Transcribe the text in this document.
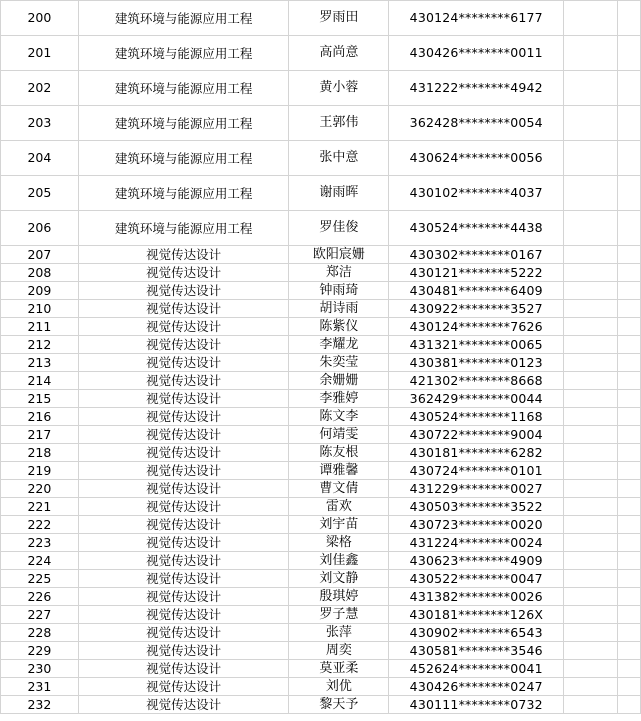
200	建筑环境与能源应用工程	罗雨田	430124********6177		
201	建筑环境与能源应用工程	高尚意	430426********0011		
202	建筑环境与能源应用工程	黄小蓉	431222********4942		
203	建筑环境与能源应用工程	王郭伟	362428********0054		
204	建筑环境与能源应用工程	张中意	430624********0056		
205	建筑环境与能源应用工程	谢雨晖	430102********4037		
206	建筑环境与能源应用工程	罗佳俊	430524********4438		
207	视觉传达设计	欧阳宸姗	430302********0167		
208	视觉传达设计	郑洁	430121********5222		
209	视觉传达设计	钟雨琦	430481********6409		
210	视觉传达设计	胡诗雨	430922********3527		
211	视觉传达设计	陈紫仪	430124********7626		
212	视觉传达设计	李耀龙	431321********0065		
213	视觉传达设计	朱奕莹	430381********0123		
214	视觉传达设计	余姗姗	421302********8668		
215	视觉传达设计	李雅婷	362429********0044		
216	视觉传达设计	陈文李	430524********1168		
217	视觉传达设计	何靖雯	430722********9004		
218	视觉传达设计	陈友根	430181********6282		
219	视觉传达设计	谭雅馨	430724********0101		
220	视觉传达设计	曹文倩	431229********0027		
221	视觉传达设计	雷欢	430503********3522		
222	视觉传达设计	刘宇苗	430723********0020		
223	视觉传达设计	梁格	431224********0024		
224	视觉传达设计	刘佳鑫	430623********4909		
225	视觉传达设计	刘文静	430522********0047		
226	视觉传达设计	殷琪婷	431382********0026		
227	视觉传达设计	罗子慧	430181********126X		
228	视觉传达设计	张萍	430902********6543		
229	视觉传达设计	周奕	430581********3546		
230	视觉传达设计	莫亚柔	452624********0041		
231	视觉传达设计	刘优	430426********0247		
232	视觉传达设计	黎天予	430111********0732		
